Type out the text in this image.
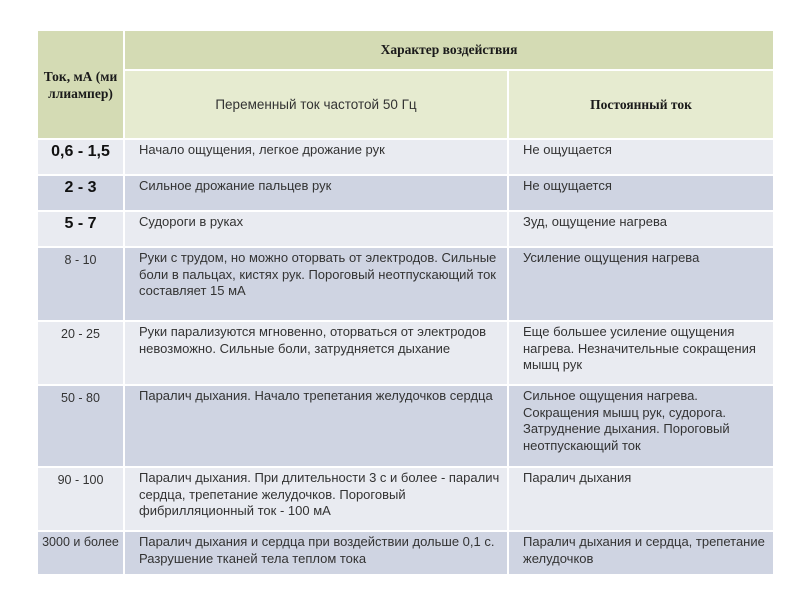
Ток, мА (миллиампер)	Характер воздействия	
	Переменный ток частотой 50 Гц	Постоянный ток
0,6 - 1,5	Начало ощущения, легкое дрожание рук	Не ощущается
2 - 3	Сильное дрожание пальцев рук	Не ощущается
5 - 7	Судороги в руках	Зуд, ощущение нагрева
8 - 10	Руки с трудом, но можно оторвать от электродов. Сильные боли в пальцах, кистях рук. Пороговый неотпускающий ток составляет 15 мА	Усиление ощущения нагрева
20 - 25	Руки парализуются мгновенно, оторваться от электродов невозможно. Сильные боли, затрудняется дыхание	Еще большее усиление ощущения нагрева. Незначительные сокращения мышц рук
50 - 80	Паралич дыхания. Начало трепетания желудочков сердца	Сильное ощущения нагрева. Сокращения мышц рук, судорога. Затруднение дыхания. Пороговый неотпускающий ток
90 - 100	Паралич дыхания. При длительности 3 с и более - паралич сердца, трепетание желудочков. Пороговый фибрилляционный ток - 100 мА	Паралич дыхания
3000 и более	Паралич дыхания и сердца при воздействии дольше 0,1 с. Разрушение тканей тела теплом тока	Паралич дыхания и сердца, трепетание желудочков
